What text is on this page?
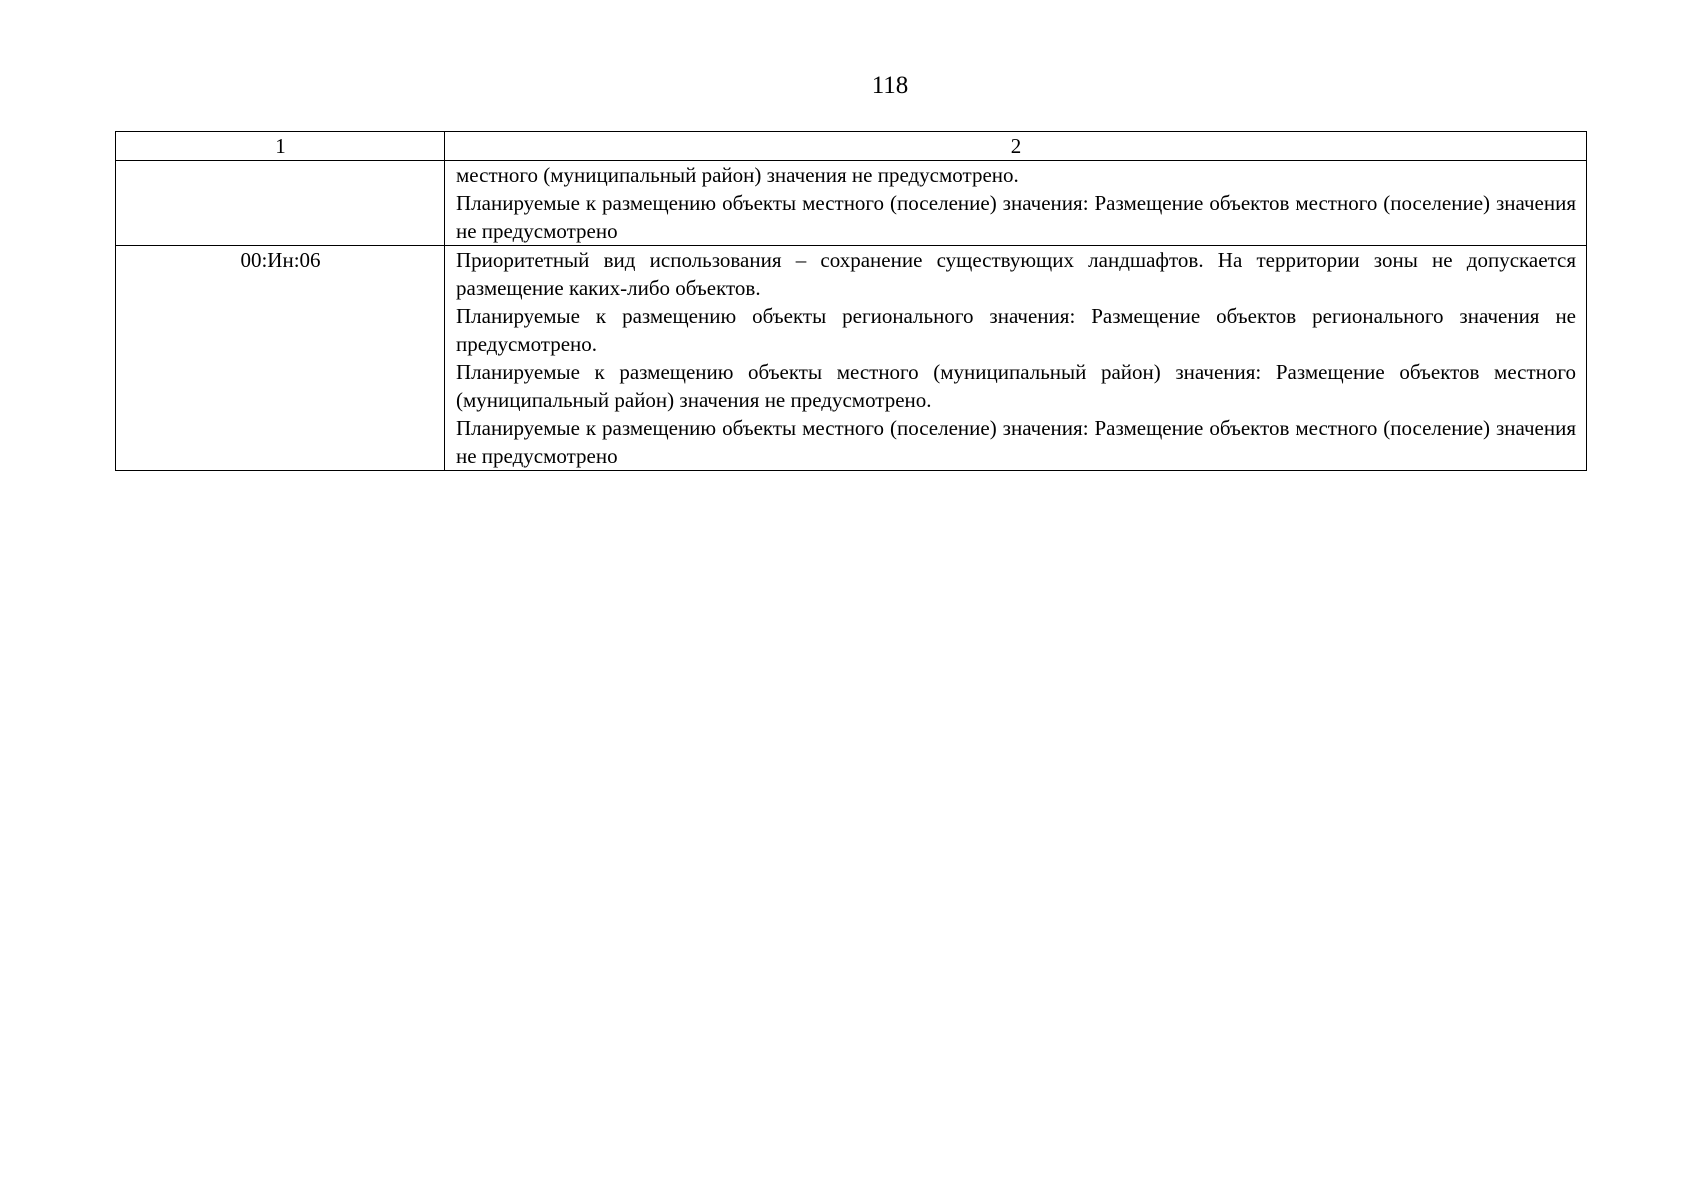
118
1	2

	местного (муниципальный район) значения не предусмотрено.

Планируемые к размещению объекты местного (поселение) значения: Размещение объектов местного (поселение) значения не предусмотрено

00:Ин:06	Приоритетный вид использования – сохранение существующих ландшафтов. На территории зоны не допускается размещение каких-либо объектов.

Планируемые к размещению объекты регионального значения: Размещение объектов регионального значения не предусмотрено.

Планируемые к размещению объекты местного (муниципальный район) значения: Размещение объектов местного (муниципальный район) значения не предусмотрено.

Планируемые к размещению объекты местного (поселение) значения: Размещение объектов местного (поселение) значения не предусмотрено
